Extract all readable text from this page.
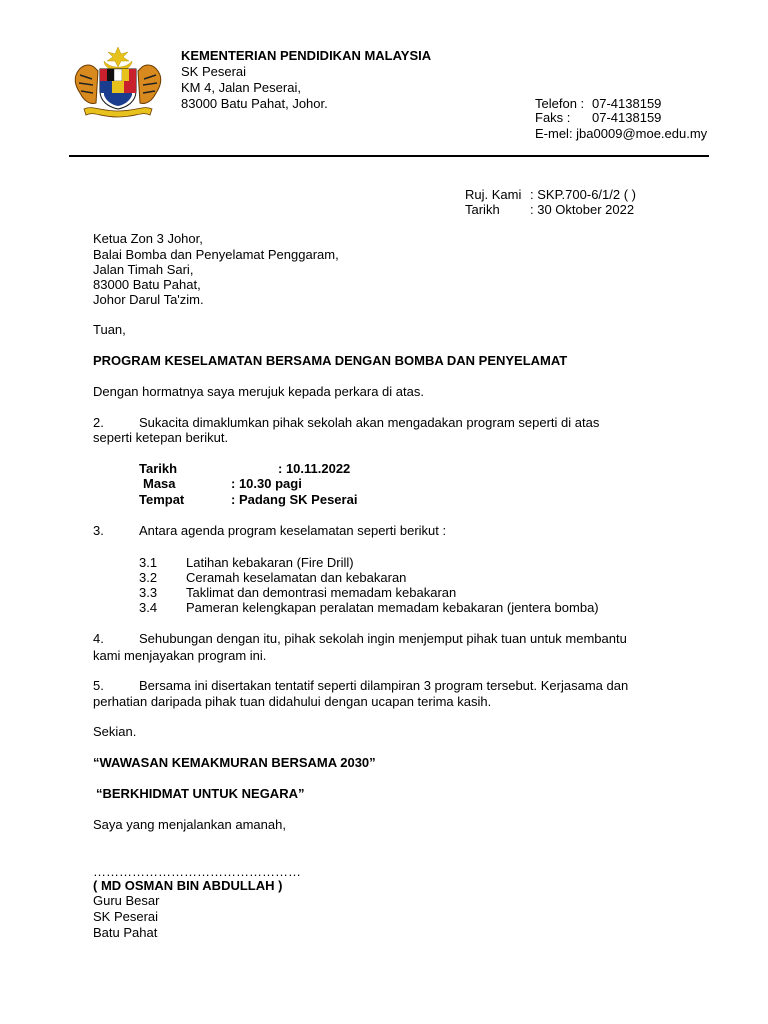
KEMENTERIAN PENDIDIKAN MALAYSIA
SK Peserai
KM 4, Jalan Peserai,
83000 Batu Pahat, Johor.	Telefon : 07-4138159
Faks : 07-4138159
E-mel: jba0009@moe.edu.my
Ruj. Kami : SKP.700-6/1/2 ( )
Tarikh : 30 Oktober 2022
Ketua Zon 3 Johor,
Balai Bomba dan Penyelamat Penggaram,
Jalan Timah Sari,
83000 Batu Pahat,
Johor Darul Ta'zim.
Tuan,
PROGRAM KESELAMATAN BERSAMA DENGAN BOMBA DAN PENYELAMAT
Dengan hormatnya saya merujuk kepada perkara di atas.
2.	Sukacita dimaklumkan pihak sekolah akan mengadakan program seperti di atas
seperti ketepan berikut.
Tarikh	: 10.11.2022
Masa	: 10.30 pagi
Tempat	: Padang SK Peserai
3.	Antara agenda program keselamatan seperti berikut :
3.1 Latihan kebakaran (Fire Drill)
3.2 Ceramah keselamatan dan kebakaran
3.3 Taklimat dan demontrasi memadam kebakaran
3.4 Pameran kelengkapan peralatan memadam kebakaran (jentera bomba)
4.	Sehubungan dengan itu, pihak sekolah ingin menjemput pihak tuan untuk membantu
kami menjayakan program ini.
5.	Bersama ini disertakan tentatif seperti dilampiran 3 program tersebut. Kerjasama dan
perhatian daripada pihak tuan didahului dengan ucapan terima kasih.
Sekian.
“WAWASAN KEMAKMURAN BERSAMA 2030”
“BERKHIDMAT UNTUK NEGARA”
Saya yang menjalankan amanah,
…………………………………………
( MD OSMAN BIN ABDULLAH )
Guru Besar
SK Peserai
Batu Pahat
